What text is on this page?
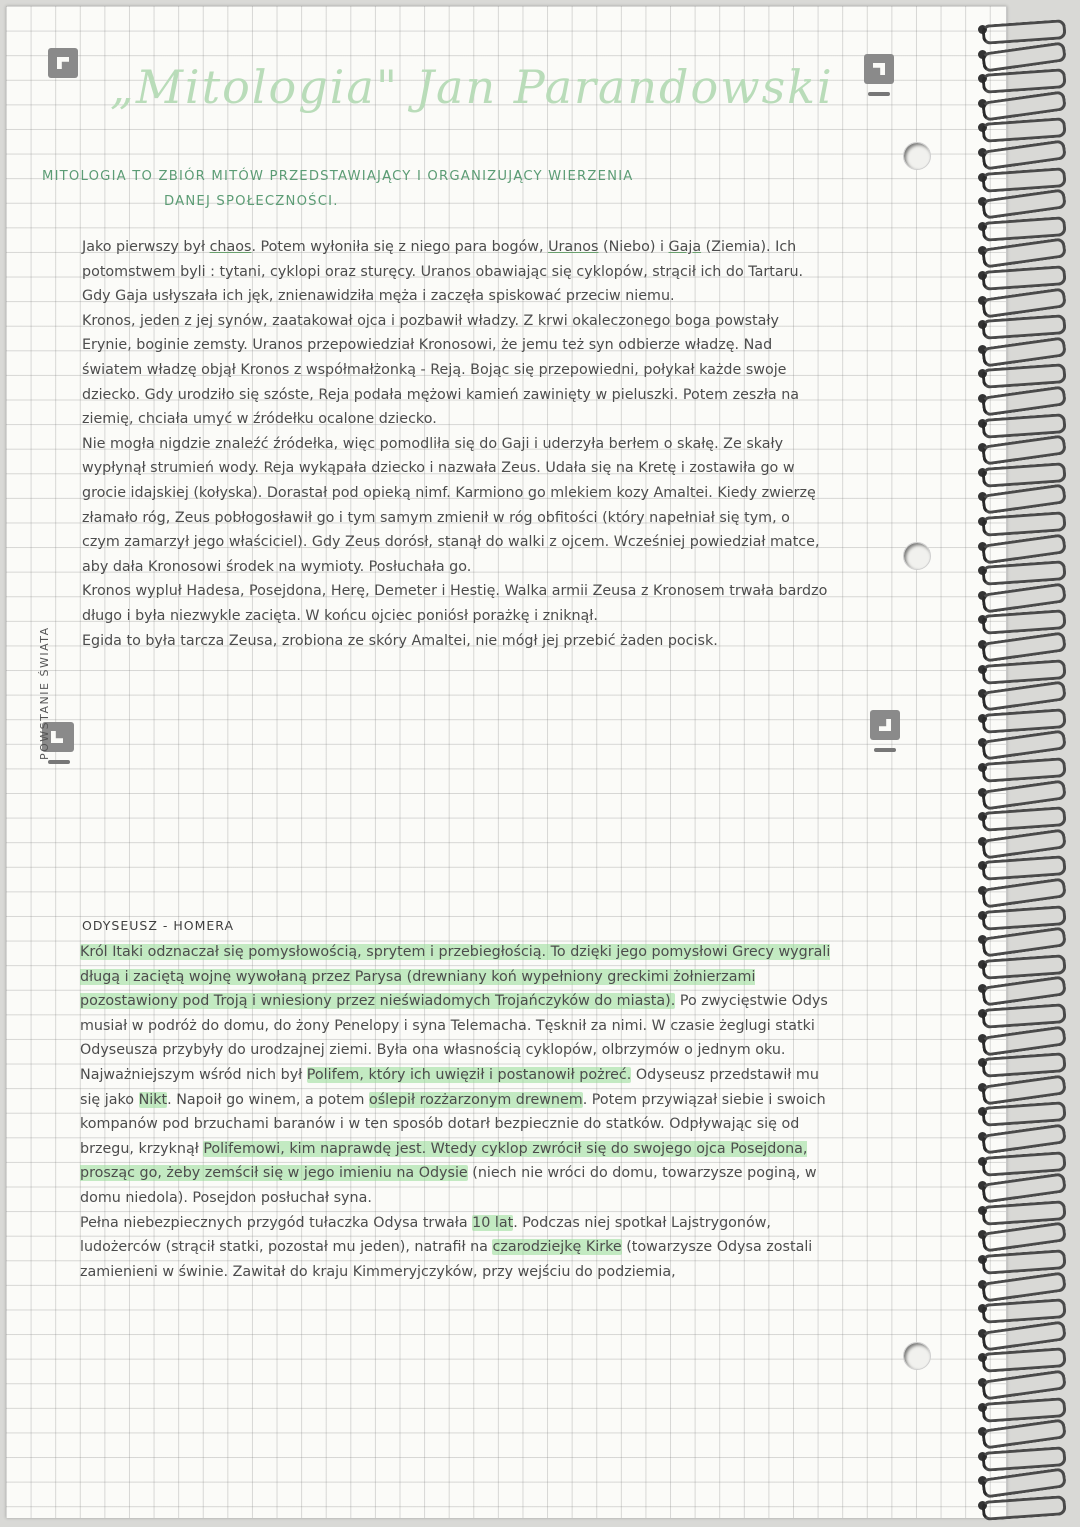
„Mitologia" Jan Parandowski
MITOLOGIA TO ZBIÓR MITÓW PRZEDSTAWIAJĄCY I ORGANIZUJĄCY WIERZENIA
DANEJ SPOŁECZNOŚCI.
POWSTANIE ŚWIATA

Jako pierwszy był chaos. Potem wyłoniła się z niego para bogów, Uranos (Niebo) i Gaja (Ziemia). Ich potomstwem byli : tytani, cyklopi oraz sturęcy. Uranos obawiając się cyklopów, strącił ich do Tartaru. Gdy Gaja usłyszała ich jęk, znienawidziła męża i zaczęła spiskować przeciw niemu.

Kronos, jeden z jej synów, zaatakował ojca i pozbawił władzy. Z krwi okaleczonego boga powstały Erynie, boginie zemsty. Uranos przepowiedział Kronosowi, że jemu też syn odbierze władzę. Nad światem władzę objął Kronos z współmałżonką - Reją. Bojąc się przepowiedni, połykał każde swoje dziecko. Gdy urodziło się szóste, Reja podała mężowi kamień zawinięty w pieluszki. Potem zeszła na ziemię, chciała umyć w źródełku ocalone dziecko.

Nie mogła nigdzie znaleźć źródełka, więc pomodliła się do Gaji i uderzyła berłem o skałę. Ze skały wypłynął strumień wody. Reja wykąpała dziecko i nazwała Zeus. Udała się na Kretę i zostawiła go w grocie idajskiej (kołyska). Dorastał pod opieką nimf. Karmiono go mlekiem kozy Amaltei. Kiedy zwierzę złamało róg, Zeus pobłogosławił go i tym samym zmienił w róg obfitości (który napełniał się tym, o czym zamarzył jego właściciel). Gdy Zeus dorósł, stanął do walki z ojcem. Wcześniej powiedział matce, aby dała Kronosowi środek na wymioty. Posłuchała go.

Kronos wypluł Hadesa, Posejdona, Herę, Demeter i Hestię. Walka armii Zeusa z Kronosem trwała bardzo długo i była niezwykle zacięta. W końcu ojciec poniósł porażkę i zniknął.

Egida to była tarcza Zeusa, zrobiona ze skóry Amaltei, nie mógł jej przebić żaden pocisk.

ODYSEUSZ - HOMERA

Król Itaki odznaczał się pomysłowością, sprytem i przebiegłością. To dzięki jego pomysłowi Grecy wygrali długą i zaciętą wojnę wywołaną przez Parysa (drewniany koń wypełniony greckimi żołnierzami pozostawiony pod Troją i wniesiony przez nieświadomych Trojańczyków do miasta). Po zwycięstwie Odys musiał w podróż do domu, do żony Penelopy i syna Telemacha. Tęsknił za nimi. W czasie żeglugi statki Odyseusza przybyły do urodzajnej ziemi. Była ona własnością cyklopów, olbrzymów o jednym oku. Najważniejszym wśród nich był Polifem, który ich uwięził i postanowił pożreć. Odyseusz przedstawił mu się jako Nikt. Napoił go winem, a potem oślepił rozżarzonym drewnem. Potem przywiązał siebie i swoich kompanów pod brzuchami baranów i w ten sposób dotarł bezpiecznie do statków. Odpływając się od brzegu, krzyknął Polifemowi, kim naprawdę jest. Wtedy cyklop zwrócił się do swojego ojca Posejdona, prosząc go, żeby zemścił się w jego imieniu na Odysie (niech nie wróci do domu, towarzysze poginą, w domu niedola). Posejdon posłuchał syna.

Pełna niebezpiecznych przygód tułaczka Odysa trwała 10 lat. Podczas niej spotkał Lajstrygonów, ludożerców (strącił statki, pozostał mu jeden), natrafił na czarodziejkę Kirke (towarzysze Odysa zostali zamienieni w świnie. Zawitał do kraju Kimmeryjczyków, przy wejściu do podziemia,
